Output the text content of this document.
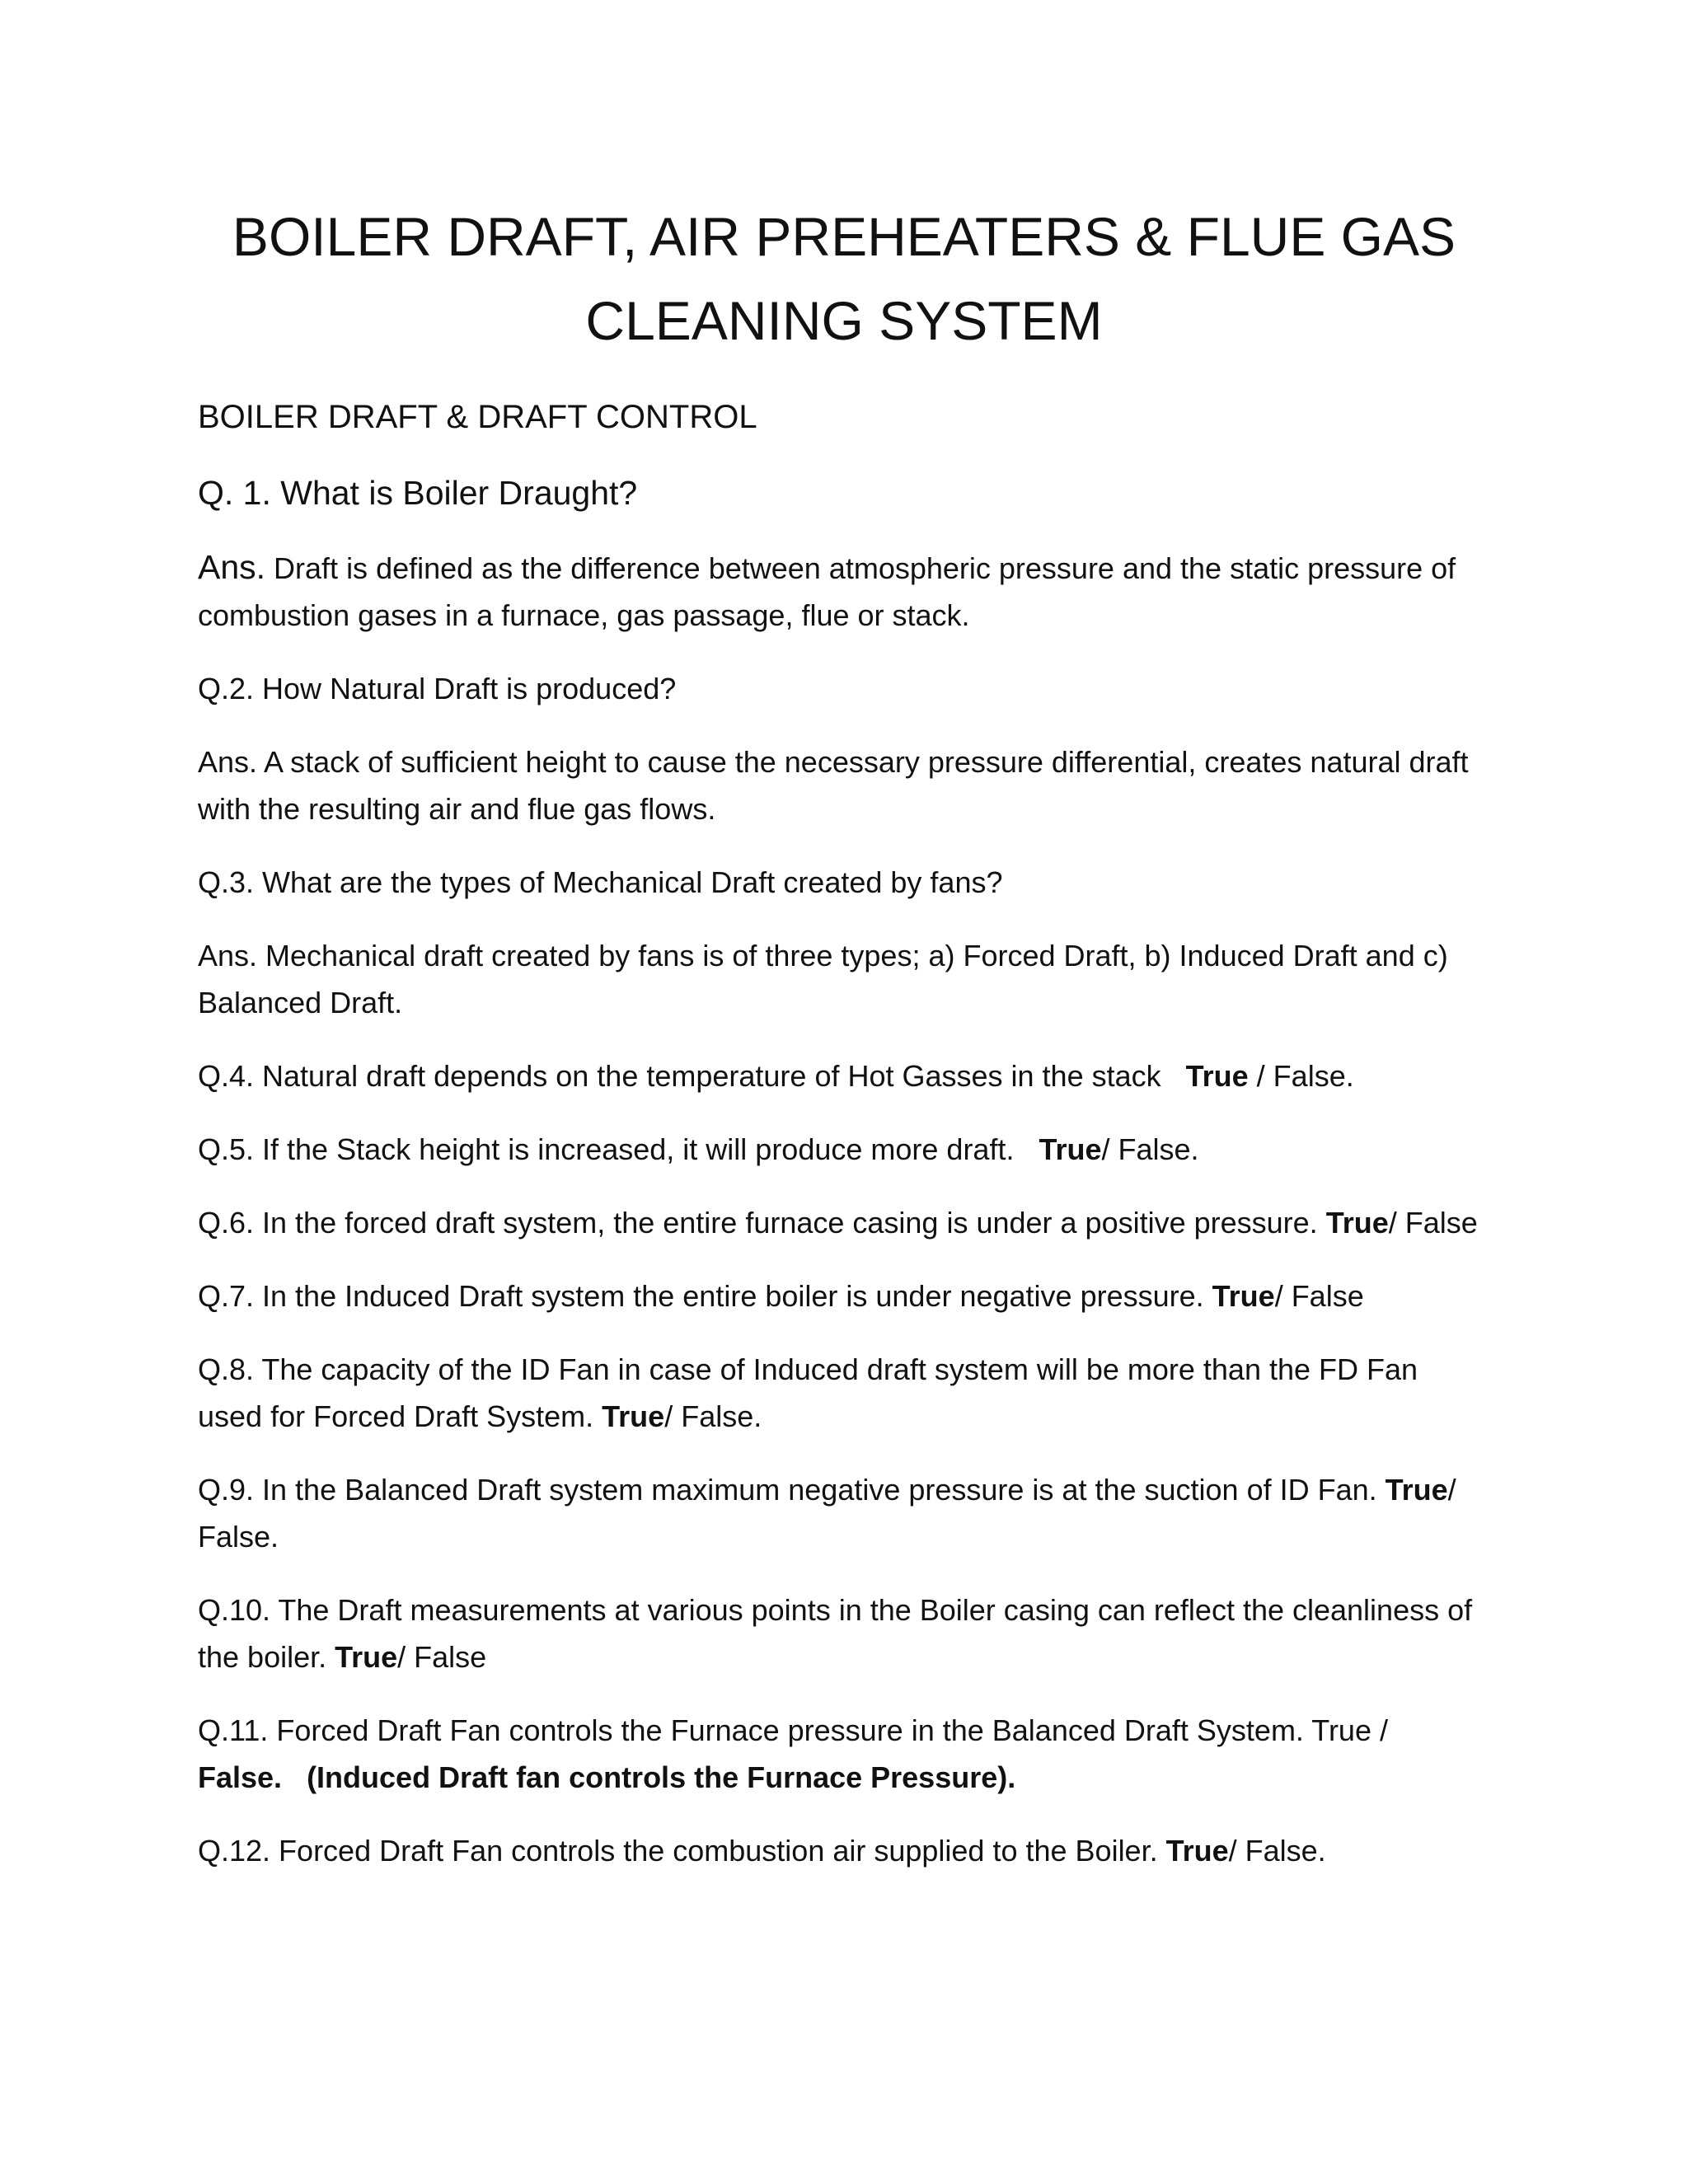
BOILER DRAFT, AIR PREHEATERS & FLUE GAS
CLEANING SYSTEM
BOILER DRAFT & DRAFT CONTROL
Q. 1. What is Boiler Draught?

Ans. Draft is defined as the difference between atmospheric pressure and the static pressure of combustion gases in a furnace, gas passage, flue or stack.

Q.2. How Natural Draft is produced?

Ans. A stack of sufficient height to cause the necessary pressure differential, creates natural draft with the resulting air and flue gas flows.

Q.3. What are the types of Mechanical Draft created by fans?

Ans. Mechanical draft created by fans is of three types; a) Forced Draft, b) Induced Draft and c) Balanced Draft.

Q.4. Natural draft depends on the temperature of Hot Gasses in the stack   True / False.

Q.5. If the Stack height is increased, it will produce more draft.   True/ False.

Q.6. In the forced draft system, the entire furnace casing is under a positive pressure. True/ False

Q.7. In the Induced Draft system the entire boiler is under negative pressure. True/ False

Q.8. The capacity of the ID Fan in case of Induced draft system will be more than the FD Fan used for Forced Draft System. True/ False.

Q.9. In the Balanced Draft system maximum negative pressure is at the suction of ID Fan. True/ False.

Q.10. The Draft measurements at various points in the Boiler casing can reflect the cleanliness of the boiler. True/ False

Q.11. Forced Draft Fan controls the Furnace pressure in the Balanced Draft System. True / False.   (Induced Draft fan controls the Furnace Pressure).

Q.12. Forced Draft Fan controls the combustion air supplied to the Boiler. True/ False.
